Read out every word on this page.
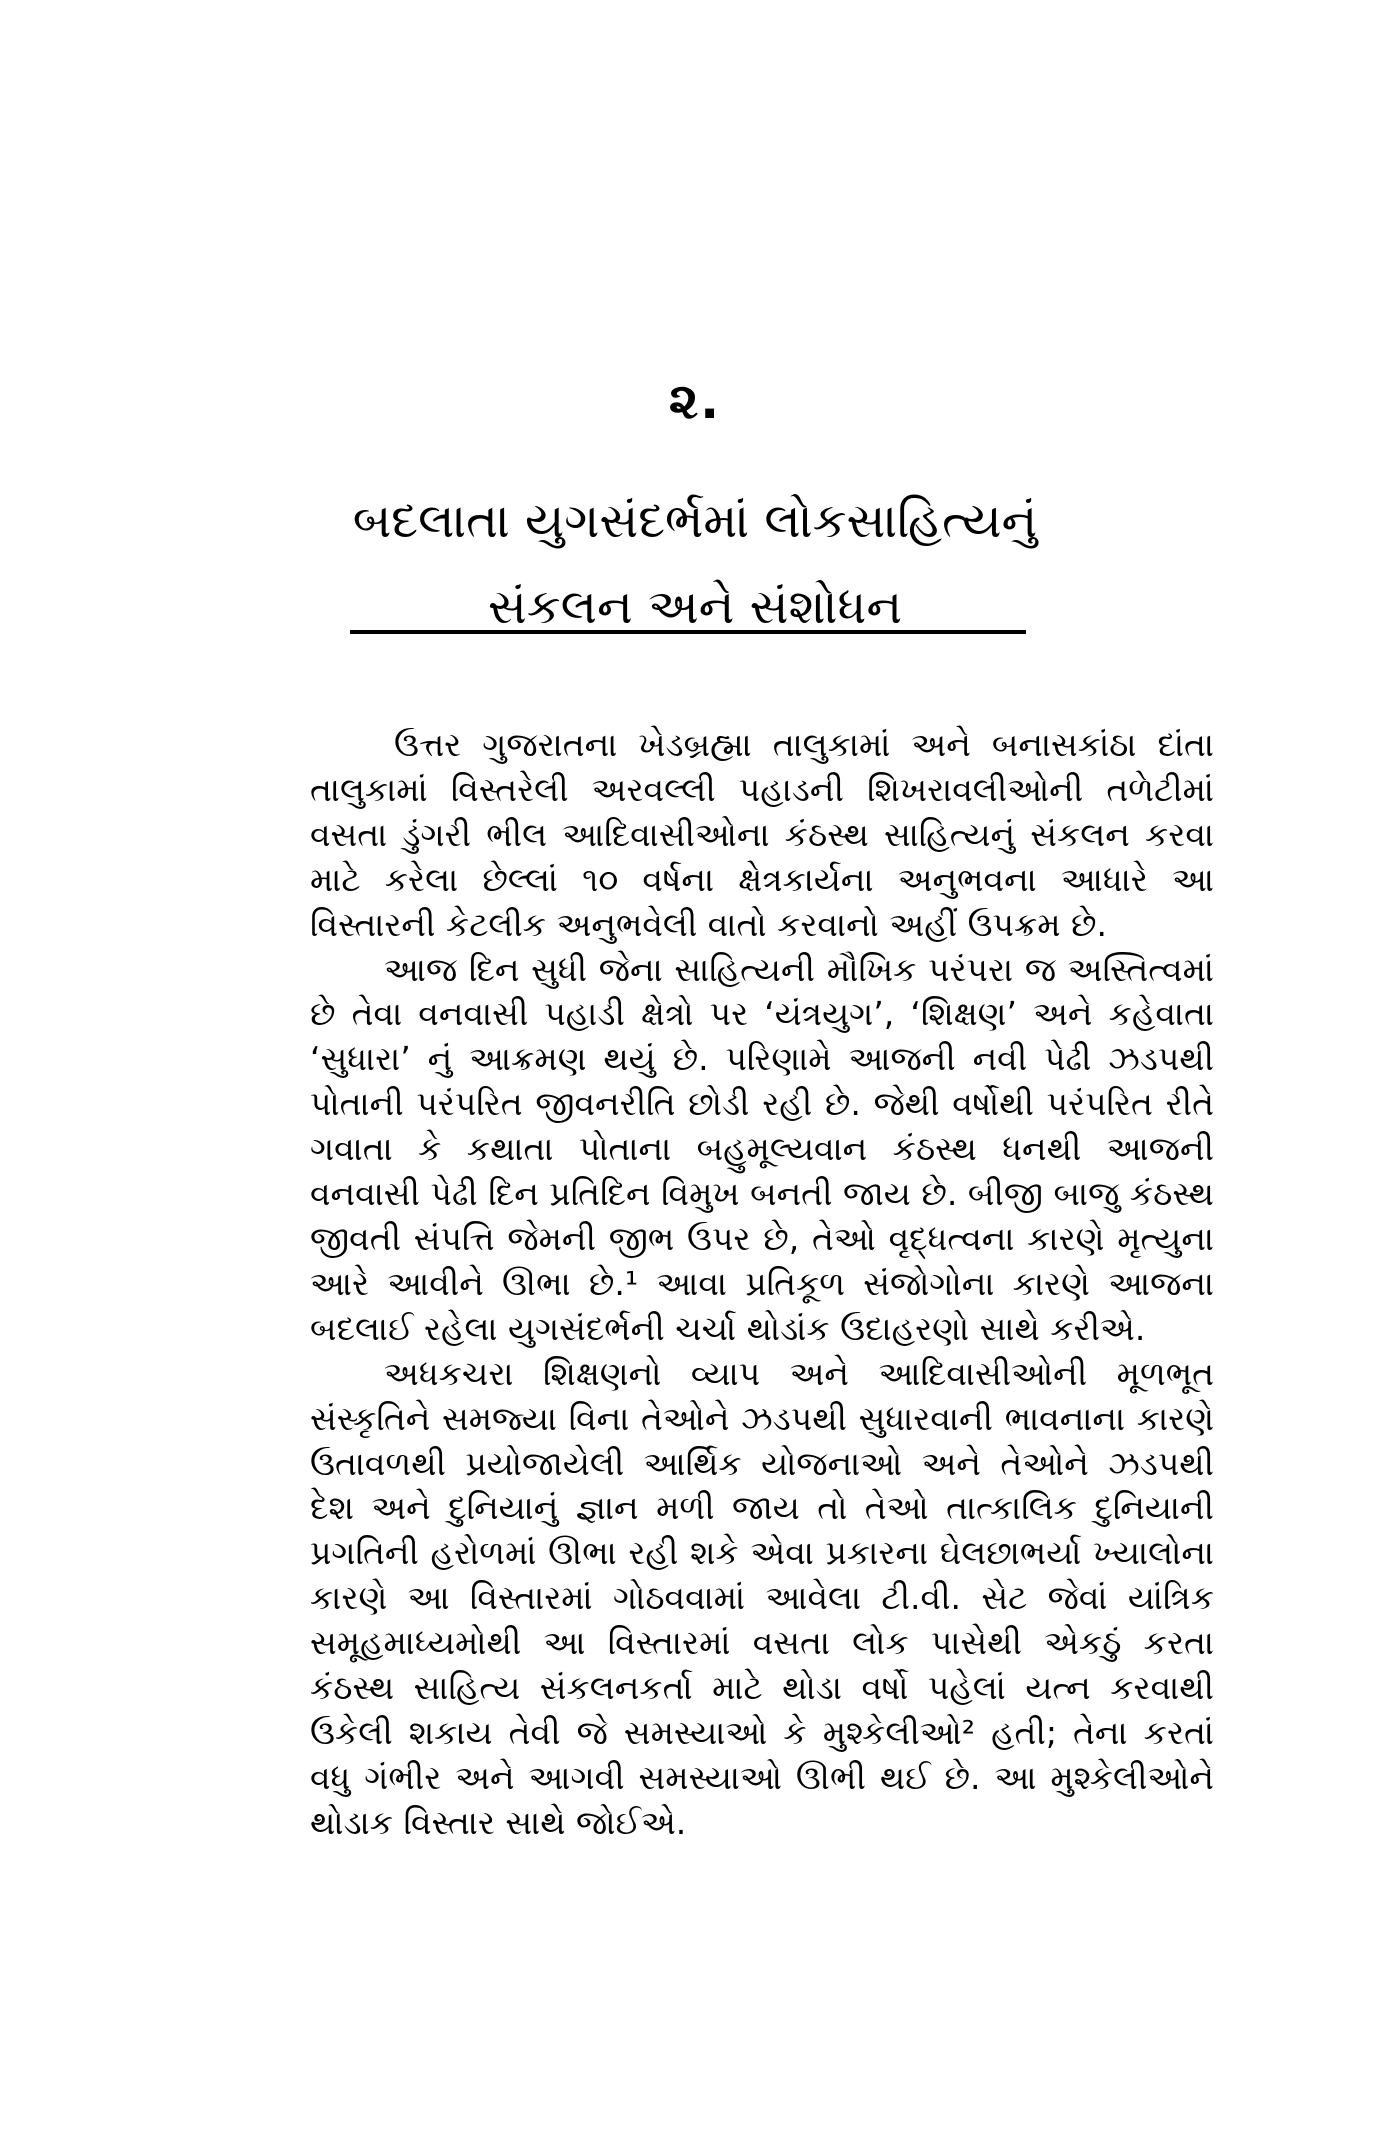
૨.
બદલાતા યુગસંદર્ભમાં લોકસાહિત્યનું
સંકલન અને સંશોધન

ઉત્તર ગુજરાતના ખેડબ્રહ્મા તાલુકામાં અને બનાસકાંઠા દાંતા તાલુકામાં વિસ્તરેલી અરવલ્લી પહાડની શિખરાવલીઓની તળેટીમાં વસતા ડુંગરી ભીલ આદિવાસીઓના કંઠસ્થ સાહિત્યનું સંકલન કરવા માટે કરેલા છેલ્લાં ૧૦ વર્ષના ક્ષેત્રકાર્યના અનુભવના આધારે આ વિસ્તારની કેટલીક અનુભવેલી વાતો કરવાનો અહીં ઉપક્રમ છે.

આજ દિન સુધી જેના સાહિત્યની મૌખિક પરંપરા જ અસ્તિત્વમાં છે તેવા વનવાસી પહાડી ક્ષેત્રો પર ‘યંત્રયુગ’, ‘શિક્ષણ’ અને કહેવાતા ‘સુધારા’ નું આક્રમણ થયું છે. પરિણામે આજની નવી પેઢી ઝડપથી પોતાની પરંપરિત જીવનરીતિ છોડી રહી છે. જેથી વર્ષોથી પરંપરિત રીતે ગવાતા કે કથાતા પોતાના બહુમૂલ્યવાન કંઠસ્થ ધનથી આજની વનવાસી પેઢી દિન પ્રતિદિન વિમુખ બનતી જાય છે. બીજી બાજુ કંઠસ્થ જીવતી સંપત્તિ જેમની જીભ ઉપર છે, તેઓ વૃદ્ધત્વના કારણે મૃત્યુના આરે આવીને ઊભા છે.¹ આવા પ્રતિકૂળ સંજોગોના કારણે આજના બદલાઈ રહેલા યુગસંદર્ભની ચર્ચા થોડાંક ઉદાહરણો સાથે કરીએ.

અધકચરા શિક્ષણનો વ્યાપ અને આદિવાસીઓની મૂળભૂત સંસ્કૃતિને સમજ્યા વિના તેઓને ઝડપથી સુધારવાની ભાવનાના કારણે ઉતાવળથી પ્રયોજાયેલી આર્થિક યોજનાઓ અને તેઓને ઝડપથી દેશ અને દુનિયાનું જ્ઞાન મળી જાય તો તેઓ તાત્કાલિક દુનિયાની પ્રગતિની હરોળમાં ઊભા રહી શકે એવા પ્રકારના ઘેલછાભર્યા ખ્યાલોના કારણે આ વિસ્તારમાં ગોઠવવામાં આવેલા ટી.વી. સેટ જેવાં યાંત્રિક સમૂહમાધ્યમોથી આ વિસ્તારમાં વસતા લોક પાસેથી એકઠું કરતા કંઠસ્થ સાહિત્ય સંકલનકર્તા માટે થોડા વર્ષો પહેલાં યત્ન કરવાથી ઉકેલી શકાય તેવી જે સમસ્યાઓ કે મુશ્કેલીઓ² હતી; તેના કરતાં વધુ ગંભીર અને આગવી સમસ્યાઓ ઊભી થઈ છે. આ મુશ્કેલીઓને થોડાક વિસ્તાર સાથે જોઈએ.
